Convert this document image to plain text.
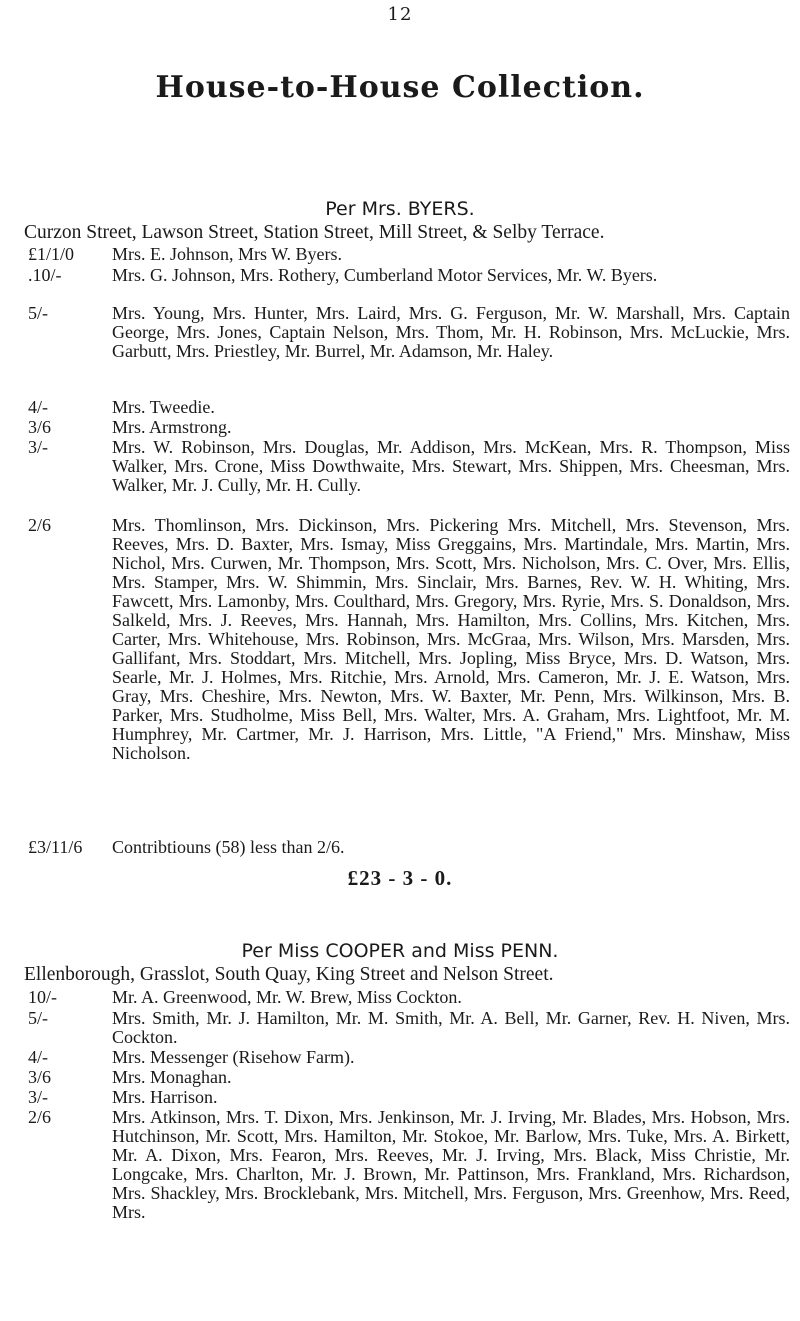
12
House-to-House Collection.
Per Mrs. BYERS.
Curzon Street, Lawson Street, Station Street, Mill Street, & Selby Terrace.
£1/1/0	Mrs. E. Johnson, Mrs W. Byers.
.10/-	Mrs. G. Johnson, Mrs. Rothery, Cumberland Motor Services, Mr. W. Byers.
5/-	Mrs. Young, Mrs. Hunter, Mrs. Laird, Mrs. G. Ferguson, Mr. W. Marshall, Mrs. Captain George, Mrs. Jones, Captain Nelson, Mrs. Thom, Mr. H. Robinson, Mrs. McLuckie, Mrs. Garbutt, Mrs. Priestley, Mr. Burrel, Mr. Adamson, Mr. Haley.
4/-	Mrs. Tweedie.
3/6	Mrs. Armstrong.
3/-	Mrs. W. Robinson, Mrs. Douglas, Mr. Addison, Mrs. McKean, Mrs. R. Thompson, Miss Walker, Mrs. Crone, Miss Dowthwaite, Mrs. Stewart, Mrs. Shippen, Mrs. Cheesman, Mrs. Walker, Mr. J. Cully, Mr. H. Cully.
2/6	Mrs. Thomlinson, Mrs. Dickinson, Mrs. Pickering Mrs. Mitchell, Mrs. Stevenson, Mrs. Reeves, Mrs. D. Baxter, Mrs. Ismay, Miss Greggains, Mrs. Martindale, Mrs. Martin, Mrs. Nichol, Mrs. Curwen, Mr. Thompson, Mrs. Scott, Mrs. Nicholson, Mrs. C. Over, Mrs. Ellis, Mrs. Stamper, Mrs. W. Shimmin, Mrs. Sinclair, Mrs. Barnes, Rev. W. H. Whiting, Mrs. Fawcett, Mrs. Lamonby, Mrs. Coulthard, Mrs. Gregory, Mrs. Ryrie, Mrs. S. Donaldson, Mrs. Salkeld, Mrs. J. Reeves, Mrs. Hannah, Mrs. Hamilton, Mrs. Collins, Mrs. Kitchen, Mrs. Carter, Mrs. Whitehouse, Mrs. Robinson, Mrs. McGraa, Mrs. Wilson, Mrs. Marsden, Mrs. Gallifant, Mrs. Stoddart, Mrs. Mitchell, Mrs. Jopling, Miss Bryce, Mrs. D. Watson, Mrs. Searle, Mr. J. Holmes, Mrs. Ritchie, Mrs. Arnold, Mrs. Cameron, Mr. J. E. Watson, Mrs. Gray, Mrs. Cheshire, Mrs. Newton, Mrs. W. Baxter, Mr. Penn, Mrs. Wilkinson, Mrs. B. Parker, Mrs. Studholme, Miss Bell, Mrs. Walter, Mrs. A. Graham, Mrs. Lightfoot, Mr. M. Humphrey, Mr. Cartmer, Mr. J. Harrison, Mrs. Little, "A Friend," Mrs. Minshaw, Miss Nicholson.
£3/11/6	Contribtiouns (58) less than 2/6.
£23 - 3 - 0.
Per Miss COOPER and Miss PENN.
Ellenborough, Grasslot, South Quay, King Street and Nelson Street.
10/-	Mr. A. Greenwood, Mr. W. Brew, Miss Cockton.
5/-	Mrs. Smith, Mr. J. Hamilton, Mr. M. Smith, Mr. A. Bell, Mr. Garner, Rev. H. Niven, Mrs. Cockton.
4/-	Mrs. Messenger (Risehow Farm).
3/6	Mrs. Monaghan.
3/-	Mrs. Harrison.
2/6	Mrs. Atkinson, Mrs. T. Dixon, Mrs. Jenkinson, Mr. J. Irving, Mr. Blades, Mrs. Hobson, Mrs. Hutchinson, Mr. Scott, Mrs. Hamilton, Mr. Stokoe, Mr. Barlow, Mrs. Tuke, Mrs. A. Birkett, Mr. A. Dixon, Mrs. Fearon, Mrs. Reeves, Mr. J. Irving, Mrs. Black, Miss Christie, Mr. Longcake, Mrs. Charlton, Mr. J. Brown, Mr. Pattinson, Mrs. Frankland, Mrs. Richardson, Mrs. Shackley, Mrs. Brocklebank, Mrs. Mitchell, Mrs. Ferguson, Mrs. Greenhow, Mrs. Reed, Mrs.
